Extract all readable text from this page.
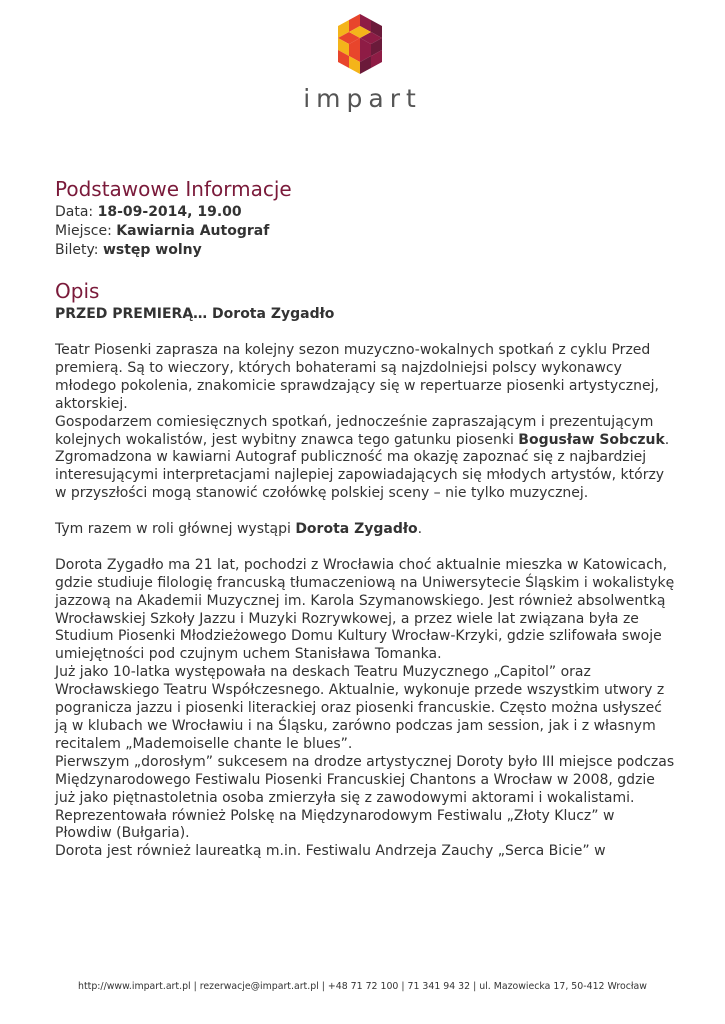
impart
Podstawowe Informacje
Data: 18-09-2014, 19.00
Miejsce: Kawiarnia Autograf
Bilety: wstęp wolny
Opis
PRZED PREMIERĄ… Dorota Zygadło

Teatr Piosenki zaprasza na kolejny sezon muzyczno-wokalnych spotkań z cyklu Przed premierą. Są to wieczory, których bohaterami są najzdolniejsi polscy wykonawcy młodego pokolenia, znakomicie sprawdzający się w repertuarze piosenki artystycznej, aktorskiej.

Gospodarzem comiesięcznych spotkań, jednocześnie zapraszającym i prezentującym kolejnych wokalistów, jest wybitny znawca tego gatunku piosenki Bogusław Sobczuk.

Zgromadzona w kawiarni Autograf publiczność ma okazję zapoznać się z najbardziej interesującymi interpretacjami najlepiej zapowiadających się młodych artystów, którzy w przyszłości mogą stanowić czołówkę polskiej sceny – nie tylko muzycznej.

Tym razem w roli głównej wystąpi Dorota Zygadło.

Dorota Zygadło ma 21 lat, pochodzi z Wrocławia choć aktualnie mieszka w Katowicach, gdzie studiuje filologię francuską tłumaczeniową na Uniwersytecie Śląskim i wokalistykę jazzową na Akademii Muzycznej im. Karola Szymanowskiego. Jest również absolwentką Wrocławskiej Szkoły Jazzu i Muzyki Rozrywkowej, a przez wiele lat związana była ze Studium Piosenki Młodzieżowego Domu Kultury Wrocław-Krzyki, gdzie szlifowała swoje umiejętności pod czujnym uchem Stanisława Tomanka.

Już jako 10-latka występowała na deskach Teatru Muzycznego „Capitol” oraz Wrocławskiego Teatru Współczesnego. Aktualnie, wykonuje przede wszystkim utwory z pogranicza jazzu i piosenki literackiej oraz piosenki francuskie. Często można usłyszeć ją w klubach we Wrocławiu i na Śląsku, zarówno podczas jam session, jak i z własnym recitalem „Mademoiselle chante le blues”.

Pierwszym „dorosłym” sukcesem na drodze artystycznej Doroty było III miejsce podczas Międzynarodowego Festiwalu Piosenki Francuskiej Chantons a Wrocław w 2008, gdzie już jako piętnastoletnia osoba zmierzyła się z zawodowymi aktorami i wokalistami. Reprezentowała również Polskę na Międzynarodowym Festiwalu „Złoty Klucz” w Płowdiw (Bułgaria).

Dorota jest również laureatką m.in. Festiwalu Andrzeja Zauchy „Serca Bicie” w

http://www.impart.art.pl | rezerwacje@impart.art.pl | +48 71 72 100 | 71 341 94 32 | ul. Mazowiecka 17, 50-412 Wrocław
